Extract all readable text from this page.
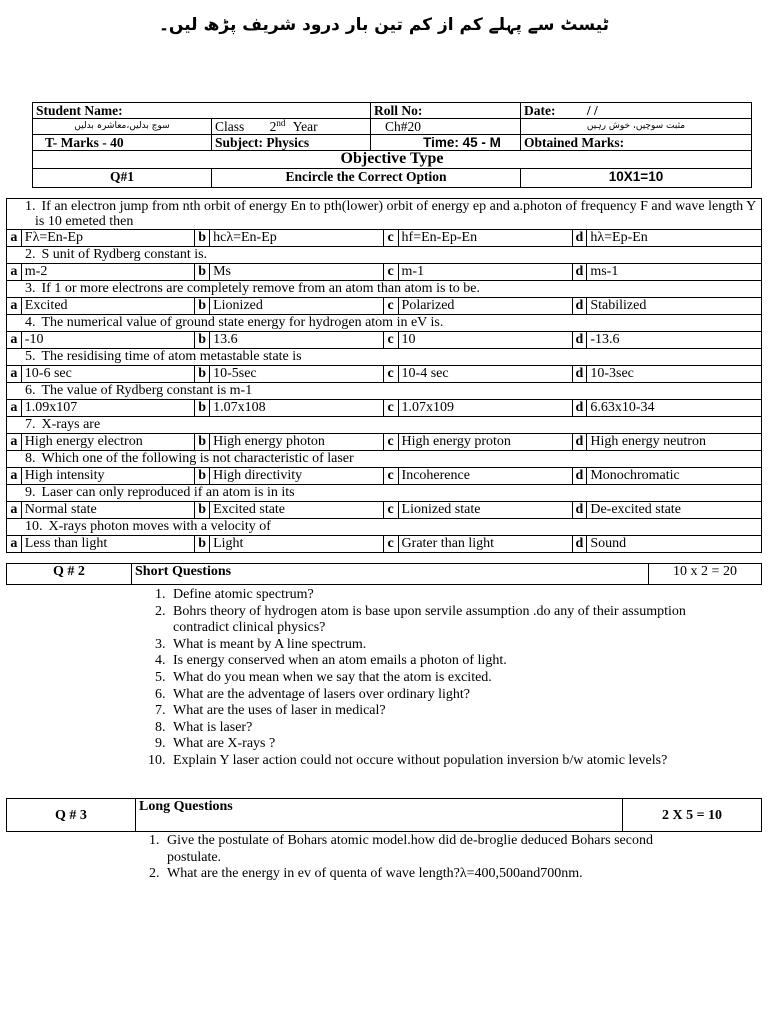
ٹیسٹ سے پہلے کم از کم تین بار درود شریف پڑھ لیں۔
Student Name:		Roll No:	Date: / /
سوچ بدلیں،معاشرہ بدلیں	Class 2nd Year	Ch#20	مثبت سوچیں، خوش رہیں
T- Marks - 40	Subject: Physics	Time: 45 - M	Obtained Marks:
Objective Type			
Q#1	Encircle the Correct Option		10X1=10
1. If an electron jump from nth orbit of energy En to pth(lower) orbit of energy ep and a.photon of frequency F and wave length Y is 10 emeted then							
a	Fλ=En-Ep	b	hcλ=En-Ep	c	hf=En-Ep-En	d	hλ=Ep-En
2. S unit of Rydberg constant is.							
a	m-2	b	Ms	c	m-1	d	ms-1
3. If 1 or more electrons are completely remove from an atom than atom is to be.							
a	Excited	b	Lionized	c	Polarized	d	Stabilized
4. The numerical value of ground state energy for hydrogen atom in eV is.							
a	-10	b	13.6	c	10	d	-13.6
5. The residising time of atom metastable state is							
a	10-6 sec	b	10-5sec	c	10-4 sec	d	10-3sec
6. The value of Rydberg constant is m-1							
a	1.09x107	b	1.07x108	c	1.07x109	d	6.63x10-34
7. X-rays are							
a	High energy electron	b	High energy photon	c	High energy proton	d	High energy neutron
8. Which one of the following is not characteristic of laser							
a	High intensity	b	High directivity	c	Incoherence	d	Monochromatic
9. Laser can only reproduced if an atom is in its							
a	Normal state	b	Excited state	c	Lionized state	d	De-excited state
10. X-rays photon moves with a velocity of							
a	Less than light	b	Light	c	Grater than light	d	Sound
Q # 2	Short Questions	10 x 2 = 20
1. Define atomic spectrum?
2. Bohrs theory of hydrogen atom is base upon servile assumption .do any of their assumption contradict clinical physics?
3. What is meant by A line spectrum.
4. Is energy conserved when an atom emails a photon of light.
5. What do you mean when we say that the atom is excited.
6. What are the adventage of lasers over ordinary light?
7. What are the uses of laser in medical?
8. What is laser?
9. What are X-rays ?
10. Explain Y laser action could not occure without population inversion b/w atomic levels?
Q # 3	Long Questions	2 X 5 = 10
1. Give the postulate of Bohars atomic model.how did de-broglie deduced Bohars second postulate.
2. What are the energy in ev of quenta of wave length?λ=400,500and700nm.
